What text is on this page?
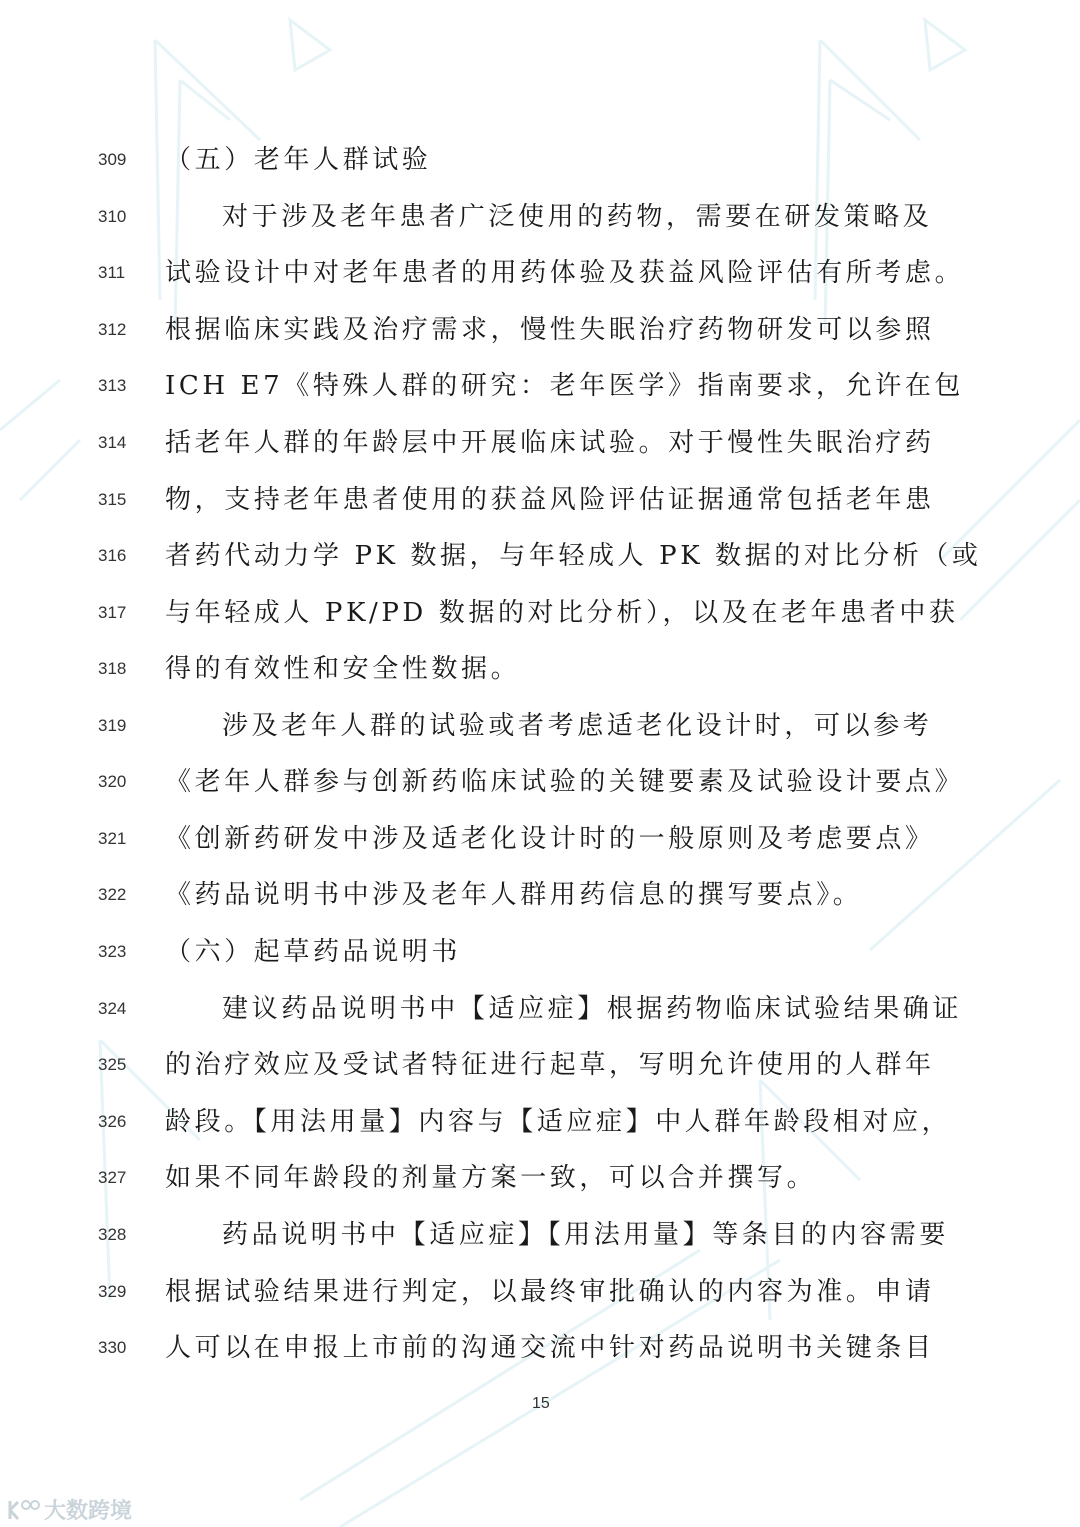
309 （五）老年人群试验
310	对于涉及老年患者广泛使用的药物，需要在研发策略及
311 试验设计中对老年患者的用药体验及获益风险评估有所考虑。
312 根据临床实践及治疗需求，慢性失眠治疗药物研发可以参照
313 ICH E7《特殊人群的研究：老年医学》指南要求，允许在包
314 括老年人群的年龄层中开展临床试验。对于慢性失眠治疗药
315 物，支持老年患者使用的获益风险评估证据通常包括老年患
316 者药代动力学 PK 数据，与年轻成人 PK 数据的对比分析（或
317 与年轻成人 PK/PD 数据的对比分析），以及在老年患者中获
318 得的有效性和安全性数据。
319	涉及老年人群的试验或者考虑适老化设计时，可以参考
320 《老年人群参与创新药临床试验的关键要素及试验设计要点》
321 《创新药研发中涉及适老化设计时的一般原则及考虑要点》
322 《药品说明书中涉及老年人群用药信息的撰写要点》。
323 （六）起草药品说明书
324	建议药品说明书中【适应症】根据药物临床试验结果确证
325 的治疗效应及受试者特征进行起草，写明允许使用的人群年
326 龄段。【用法用量】内容与【适应症】中人群年龄段相对应，
327 如果不同年龄段的剂量方案一致，可以合并撰写。
328	药品说明书中【适应症】【用法用量】等条目的内容需要
329 根据试验结果进行判定，以最终审批确认的内容为准。申请
330 人可以在申报上市前的沟通交流中针对药品说明书关键条目
15
大数跨境
